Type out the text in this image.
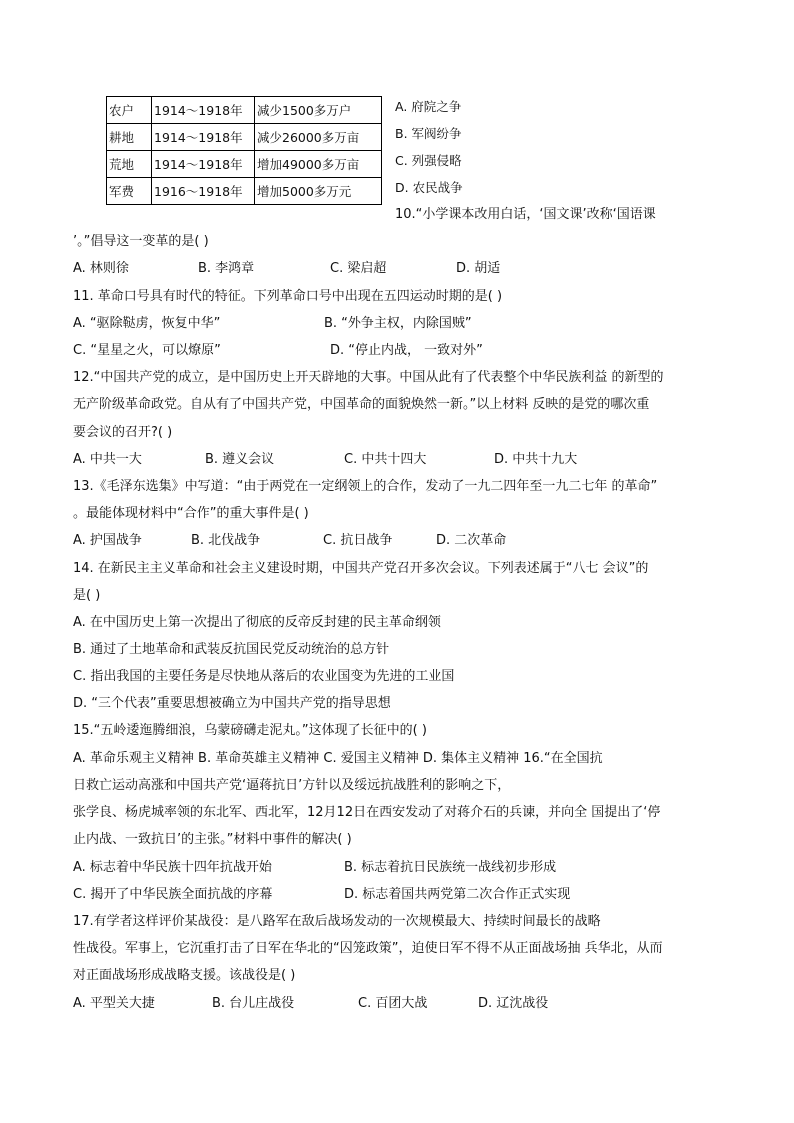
农户	1914～1918年	减少1500多万户
耕地	1914～1918年	减少26000多万亩
荒地	1914～1918年	增加49000多万亩
军费	1916～1918年	增加5000多万元
A. 府院之争
B. 军阀纷争
C. 列强侵略
D. 农民战争
10.“小学课本改用白话，‘国文课’改称‘国语课
’。”倡导这一变革的是( )
A. 林则徐	B. 李鸿章	C. 梁启超	D. 胡适
11. 革命口号具有时代的特征。下列革命口号中出现在五四运动时期的是( )
A. “驱除鞑虏，恢复中华”	B. “外争主权，内除国贼”
C. “星星之火，可以燎原”	D. “停止内战， 一致对外”
12.“中国共产党的成立，是中国历史上开天辟地的大事。中国从此有了代表整个中华民族利益 的新型的
无产阶级革命政党。自从有了中国共产党，中国革命的面貌焕然一新。”以上材料 反映的是党的哪次重
要会议的召开?( )
A. 中共一大	B. 遵义会议	C. 中共十四大	D. 中共十九大
13.《毛泽东选集》中写道：“由于两党在一定纲领上的合作，发动了一九二四年至一九二七年 的革命”
。最能体现材料中“合作”的重大事件是( )
A. 护国战争	B. 北伐战争	C. 抗日战争	D. 二次革命
14. 在新民主主义革命和社会主义建设时期，中国共产党召开多次会议。下列表述属于“八七 会议”的
是( )
A. 在中国历史上第一次提出了彻底的反帝反封建的民主革命纲领
B. 通过了土地革命和武装反抗国民党反动统治的总方针
C. 指出我国的主要任务是尽快地从落后的农业国变为先进的工业国
D. “三个代表”重要思想被确立为中国共产党的指导思想
15.“五岭逶迤腾细浪，乌蒙磅礴走泥丸。”这体现了长征中的( )
A. 革命乐观主义精神 B. 革命英雄主义精神 C. 爱国主义精神 D. 集体主义精神 16.“在全国抗
日救亡运动高涨和中国共产党‘逼蒋抗日’方针以及绥远抗战胜利的影响之下，
张学良、杨虎城率领的东北军、西北军，12月12日在西安发动了对蒋介石的兵谏，并向全 国提出了‘停
止内战、一致抗日’的主张。”材料中事件的解决( )
A. 标志着中华民族十四年抗战开始	B. 标志着抗日民族统一战线初步形成
C. 揭开了中华民族全面抗战的序幕	D. 标志着国共两党第二次合作正式实现
17.有学者这样评价某战役：是八路军在敌后战场发动的一次规模最大、持续时间最长的战略
性战役。军事上，它沉重打击了日军在华北的“囚笼政策”，迫使日军不得不从正面战场抽 兵华北，从而
对正面战场形成战略支援。该战役是( )
A. 平型关大捷	B. 台儿庄战役	C. 百团大战	D. 辽沈战役
